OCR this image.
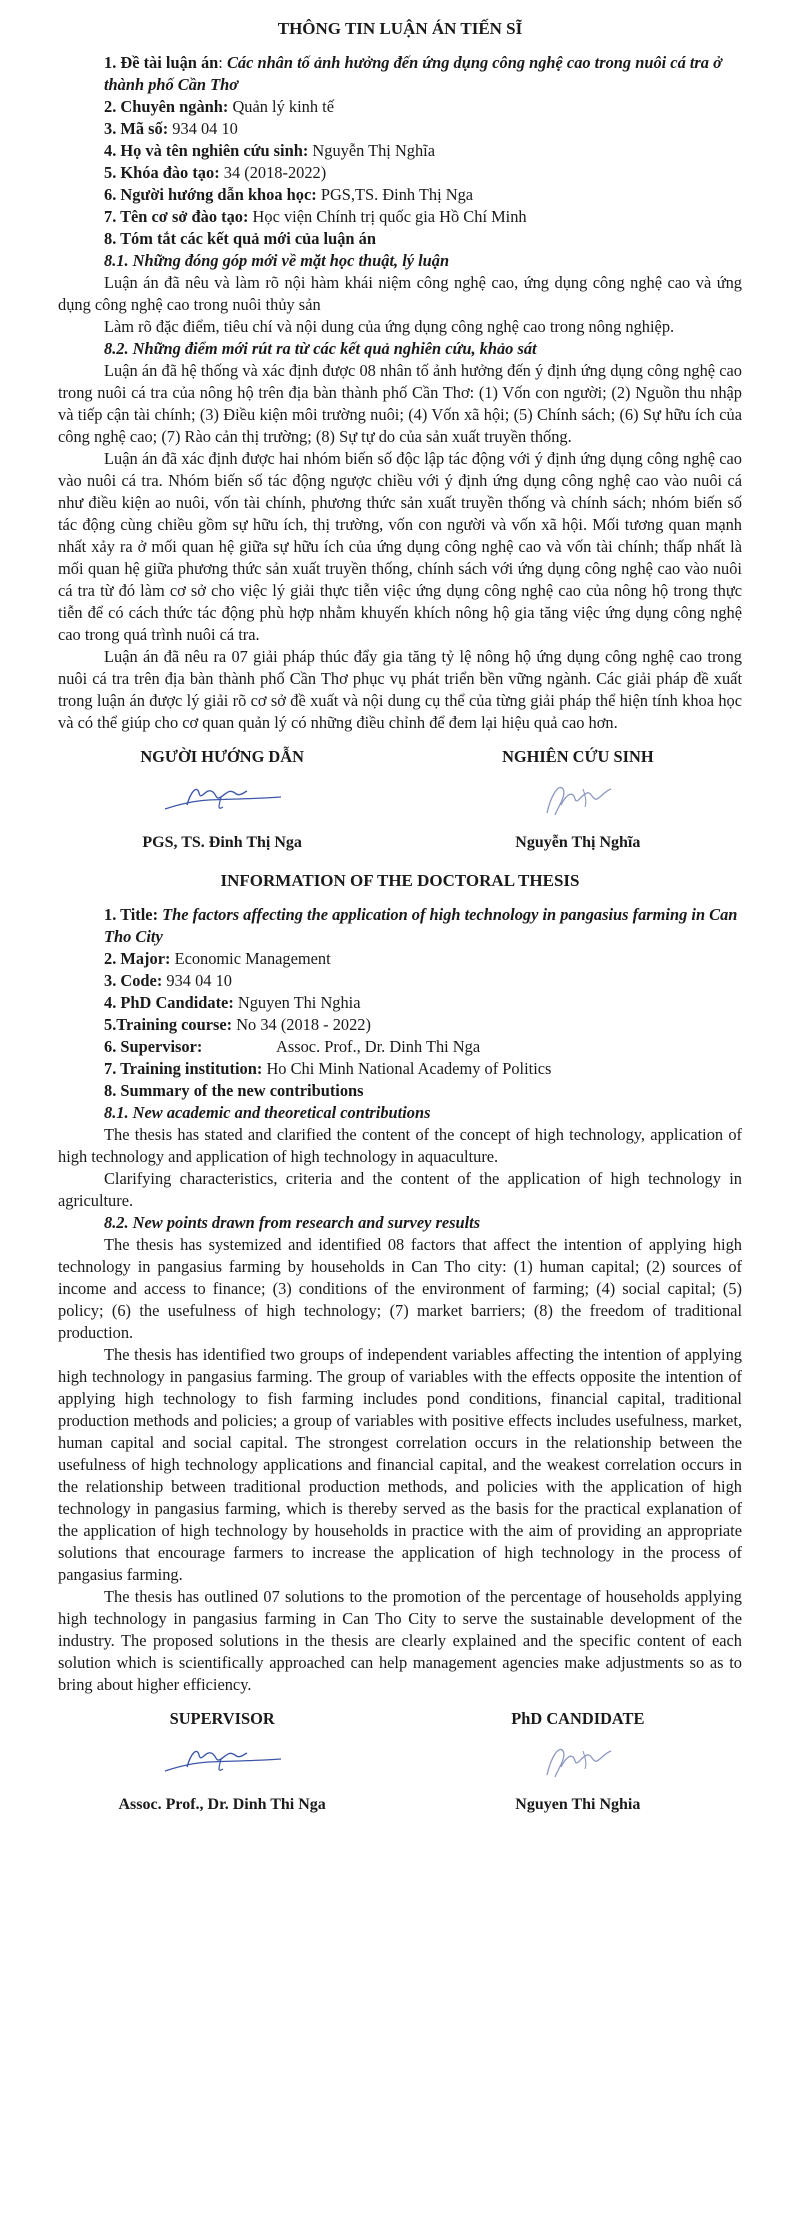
THÔNG TIN LUẬN ÁN TIẾN SĨ
1. Đề tài luận án: Các nhân tố ảnh hưởng đến ứng dụng công nghệ cao trong nuôi cá tra ở thành phố Cần Thơ
2. Chuyên ngành: Quản lý kinh tế
3. Mã số: 934 04 10
4. Họ và tên nghiên cứu sinh: Nguyễn Thị Nghĩa
5. Khóa đào tạo: 34 (2018-2022)
6. Người hướng dẫn khoa học: PGS,TS. Đinh Thị Nga
7. Tên cơ sở đào tạo: Học viện Chính trị quốc gia Hồ Chí Minh
8. Tóm tắt các kết quả mới của luận án
8.1. Những đóng góp mới về mặt học thuật, lý luận

Luận án đã nêu và làm rõ nội hàm khái niệm công nghệ cao, ứng dụng công nghệ cao và ứng dụng công nghệ cao trong nuôi thủy sản

Làm rõ đặc điểm, tiêu chí và nội dung của ứng dụng công nghệ cao trong nông nghiệp.

8.2. Những điểm mới rút ra từ các kết quả nghiên cứu, khảo sát

Luận án đã hệ thống và xác định được 08 nhân tố ảnh hưởng đến ý định ứng dụng công nghệ cao trong nuôi cá tra của nông hộ trên địa bàn thành phố Cần Thơ: (1) Vốn con người; (2) Nguồn thu nhập và tiếp cận tài chính; (3) Điều kiện môi trường nuôi; (4) Vốn xã hội; (5) Chính sách; (6) Sự hữu ích của công nghệ cao; (7) Rào cản thị trường; (8) Sự tự do của sản xuất truyền thống.

Luận án đã xác định được hai nhóm biến số độc lập tác động với ý định ứng dụng công nghệ cao vào nuôi cá tra. Nhóm biến số tác động ngược chiều với ý định ứng dụng công nghệ cao vào nuôi cá như điều kiện ao nuôi, vốn tài chính, phương thức sản xuất truyền thống và chính sách; nhóm biến số tác động cùng chiều gồm sự hữu ích, thị trường, vốn con người và vốn xã hội. Mối tương quan mạnh nhất xảy ra ở mối quan hệ giữa sự hữu ích của ứng dụng công nghệ cao và vốn tài chính; thấp nhất là mối quan hệ giữa phương thức sản xuất truyền thống, chính sách với ứng dụng công nghệ cao vào nuôi cá tra từ đó làm cơ sở cho việc lý giải thực tiễn việc ứng dụng công nghệ cao của nông hộ trong thực tiễn để có cách thức tác động phù hợp nhằm khuyến khích nông hộ gia tăng việc ứng dụng công nghệ cao trong quá trình nuôi cá tra.

Luận án đã nêu ra 07 giải pháp thúc đẩy gia tăng tỷ lệ nông hộ ứng dụng công nghệ cao trong nuôi cá tra trên địa bàn thành phố Cần Thơ phục vụ phát triển bền vững ngành. Các giải pháp đề xuất trong luận án được lý giải rõ cơ sở đề xuất và nội dung cụ thể của từng giải pháp thể hiện tính khoa học và có thể giúp cho cơ quan quản lý có những điều chỉnh để đem lại hiệu quả cao hơn.

NGƯỜI HƯỚNG DẪN
PGS, TS. Đinh Thị Nga
NGHIÊN CỨU SINH
Nguyễn Thị Nghĩa
INFORMATION OF THE DOCTORAL THESIS
1. Title: The factors affecting the application of high technology in pangasius farming in Can Tho City
2. Major: Economic Management
3. Code: 934 04 10
4. PhD Candidate: Nguyen Thi Nghia
5.Training course: No 34 (2018 - 2022)
6. Supervisor:	Assoc. Prof., Dr. Dinh Thi Nga
7. Training institution: Ho Chi Minh National Academy of Politics
8. Summary of the new contributions
8.1. New academic and theoretical contributions

The thesis has stated and clarified the content of the concept of high technology, application of high technology and application of high technology in aquaculture.

Clarifying characteristics, criteria and the content of the application of high technology in agriculture.

8.2. New points drawn from research and survey results

The thesis has systemized and identified 08 factors that affect the intention of applying high technology in pangasius farming by households in Can Tho city: (1) human capital; (2) sources of income and access to finance; (3) conditions of the environment of farming; (4) social capital; (5) policy; (6) the usefulness of high technology; (7) market barriers; (8) the freedom of traditional production.

The thesis has identified two groups of independent variables affecting the intention of applying high technology in pangasius farming. The group of variables with the effects opposite the intention of applying high technology to fish farming includes pond conditions, financial capital, traditional production methods and policies; a group of variables with positive effects includes usefulness, market, human capital and social capital. The strongest correlation occurs in the relationship between the usefulness of high technology applications and financial capital, and the weakest correlation occurs in the relationship between traditional production methods, and policies with the application of high technology in pangasius farming, which is thereby served as the basis for the practical explanation of the application of high technology by households in practice with the aim of providing an appropriate solutions that encourage farmers to increase the application of high technology in the process of pangasius farming.

The thesis has outlined 07 solutions to the promotion of the percentage of households applying high technology in pangasius farming in Can Tho City to serve the sustainable development of the industry. The proposed solutions in the thesis are clearly explained and the specific content of each solution which is scientifically approached can help management agencies make adjustments so as to bring about higher efficiency.

SUPERVISOR
Assoc. Prof., Dr. Dinh Thi Nga
PhD CANDIDATE
Nguyen Thi Nghia
